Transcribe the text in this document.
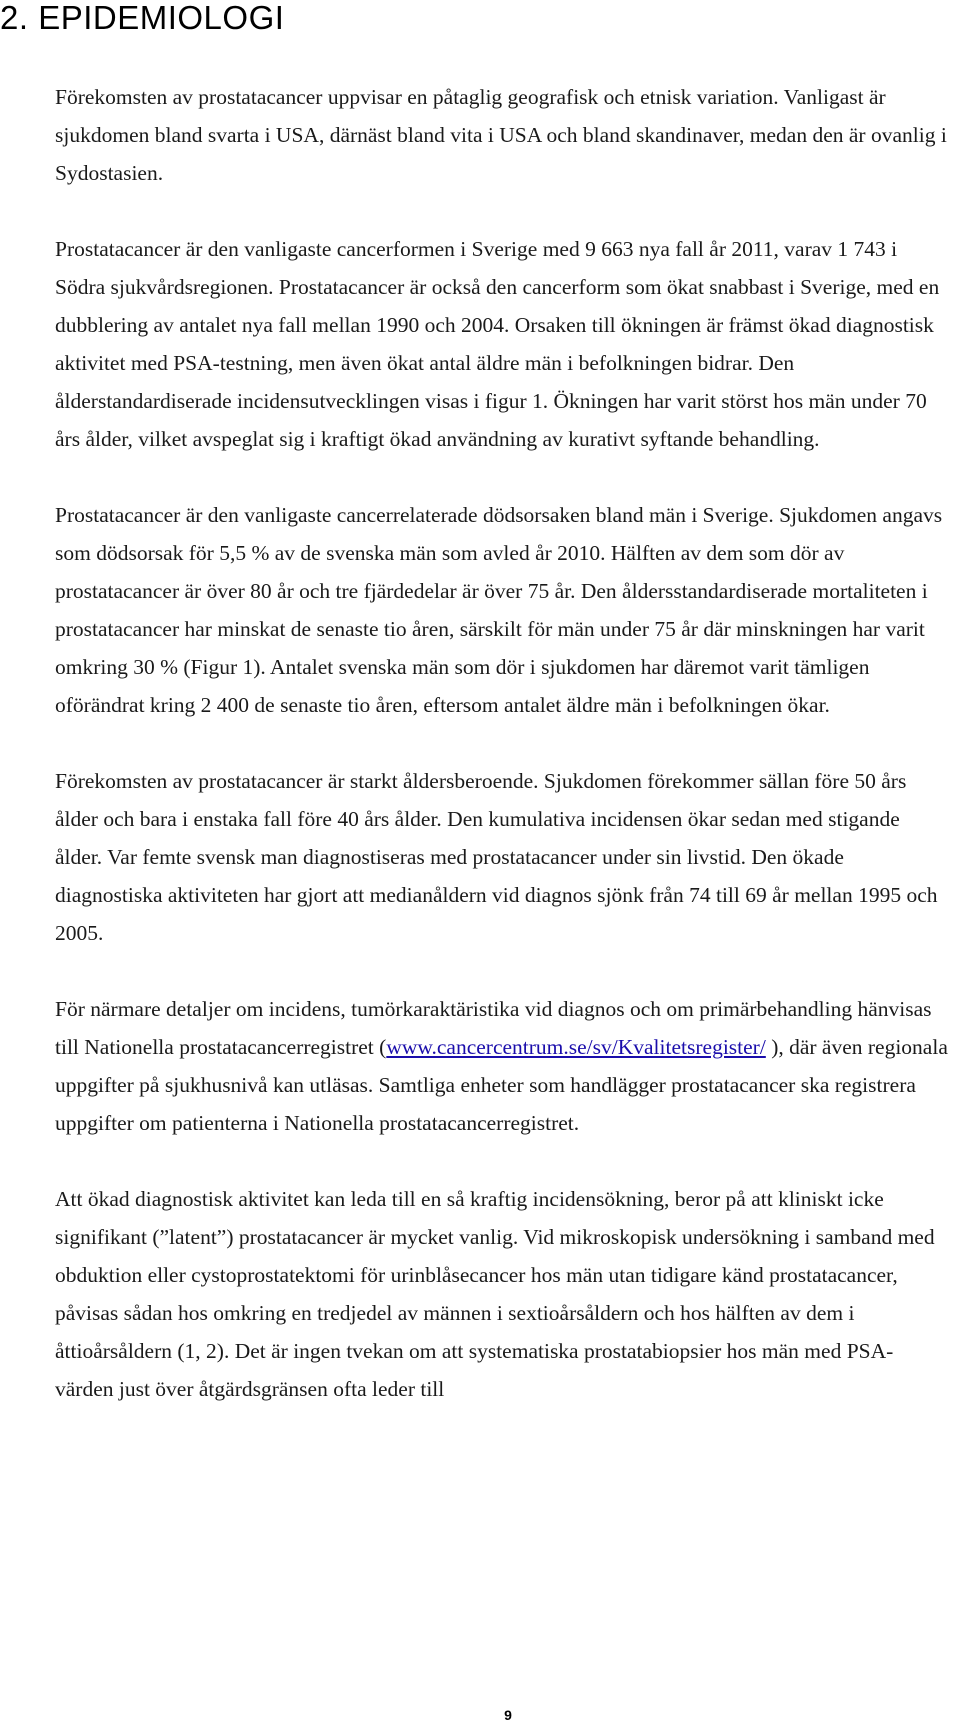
2. EPIDEMIOLOGI

Förekomsten av prostatacancer uppvisar en påtaglig geografisk och etnisk variation. Vanligast är sjukdomen bland svarta i USA, därnäst bland vita i USA och bland skandinaver, medan den är ovanlig i Sydostasien.

Prostatacancer är den vanligaste cancerformen i Sverige med 9 663 nya fall år 2011, varav 1 743 i Södra sjukvårdsregionen. Prostatacancer är också den cancerform som ökat snabbast i Sverige, med en dubblering av antalet nya fall mellan 1990 och 2004. Orsaken till ökningen är främst ökad diagnostisk aktivitet med PSA-testning, men även ökat antal äldre män i befolkningen bidrar. Den ålderstandardiserade incidensutvecklingen visas i figur 1. Ökningen har varit störst hos män under 70 års ålder, vilket avspeglat sig i kraftigt ökad användning av kurativt syftande behandling.

Prostatacancer är den vanligaste cancerrelaterade dödsorsaken bland män i Sverige. Sjukdomen angavs som dödsorsak för 5,5 % av de svenska män som avled år 2010. Hälften av dem som dör av prostatacancer är över 80 år och tre fjärdedelar är över 75 år. Den åldersstandardiserade mortaliteten i prostatacancer har minskat de senaste tio åren, särskilt för män under 75 år där minskningen har varit omkring 30 % (Figur 1). Antalet svenska män som dör i sjukdomen har däremot varit tämligen oförändrat kring 2 400 de senaste tio åren, eftersom antalet äldre män i befolkningen ökar.

Förekomsten av prostatacancer är starkt åldersberoende. Sjukdomen förekommer sällan före 50 års ålder och bara i enstaka fall före 40 års ålder. Den kumulativa incidensen ökar sedan med stigande ålder. Var femte svensk man diagnostiseras med prostatacancer under sin livstid. Den ökade diagnostiska aktiviteten har gjort att medianåldern vid diagnos sjönk från 74 till 69 år mellan 1995 och 2005.

För närmare detaljer om incidens, tumörkaraktäristika vid diagnos och om primärbehandling hänvisas till Nationella prostatacancerregistret (www.cancercentrum.se/sv/Kvalitetsregister/ ), där även regionala uppgifter på sjukhusnivå kan utläsas. Samtliga enheter som handlägger prostatacancer ska registrera uppgifter om patienterna i Nationella prostatacancerregistret.

Att ökad diagnostisk aktivitet kan leda till en så kraftig incidensökning, beror på att kliniskt icke signifikant (”latent”) prostatacancer är mycket vanlig. Vid mikroskopisk undersökning i samband med obduktion eller cystoprostatektomi för urinblåsecancer hos män utan tidigare känd prostatacancer, påvisas sådan hos omkring en tredjedel av männen i sextioårsåldern och hos hälften av dem i åttioårsåldern (1, 2). Det är ingen tvekan om att systematiska prostatabiopsier hos män med PSA-värden just över åtgärdsgränsen ofta leder till

9
